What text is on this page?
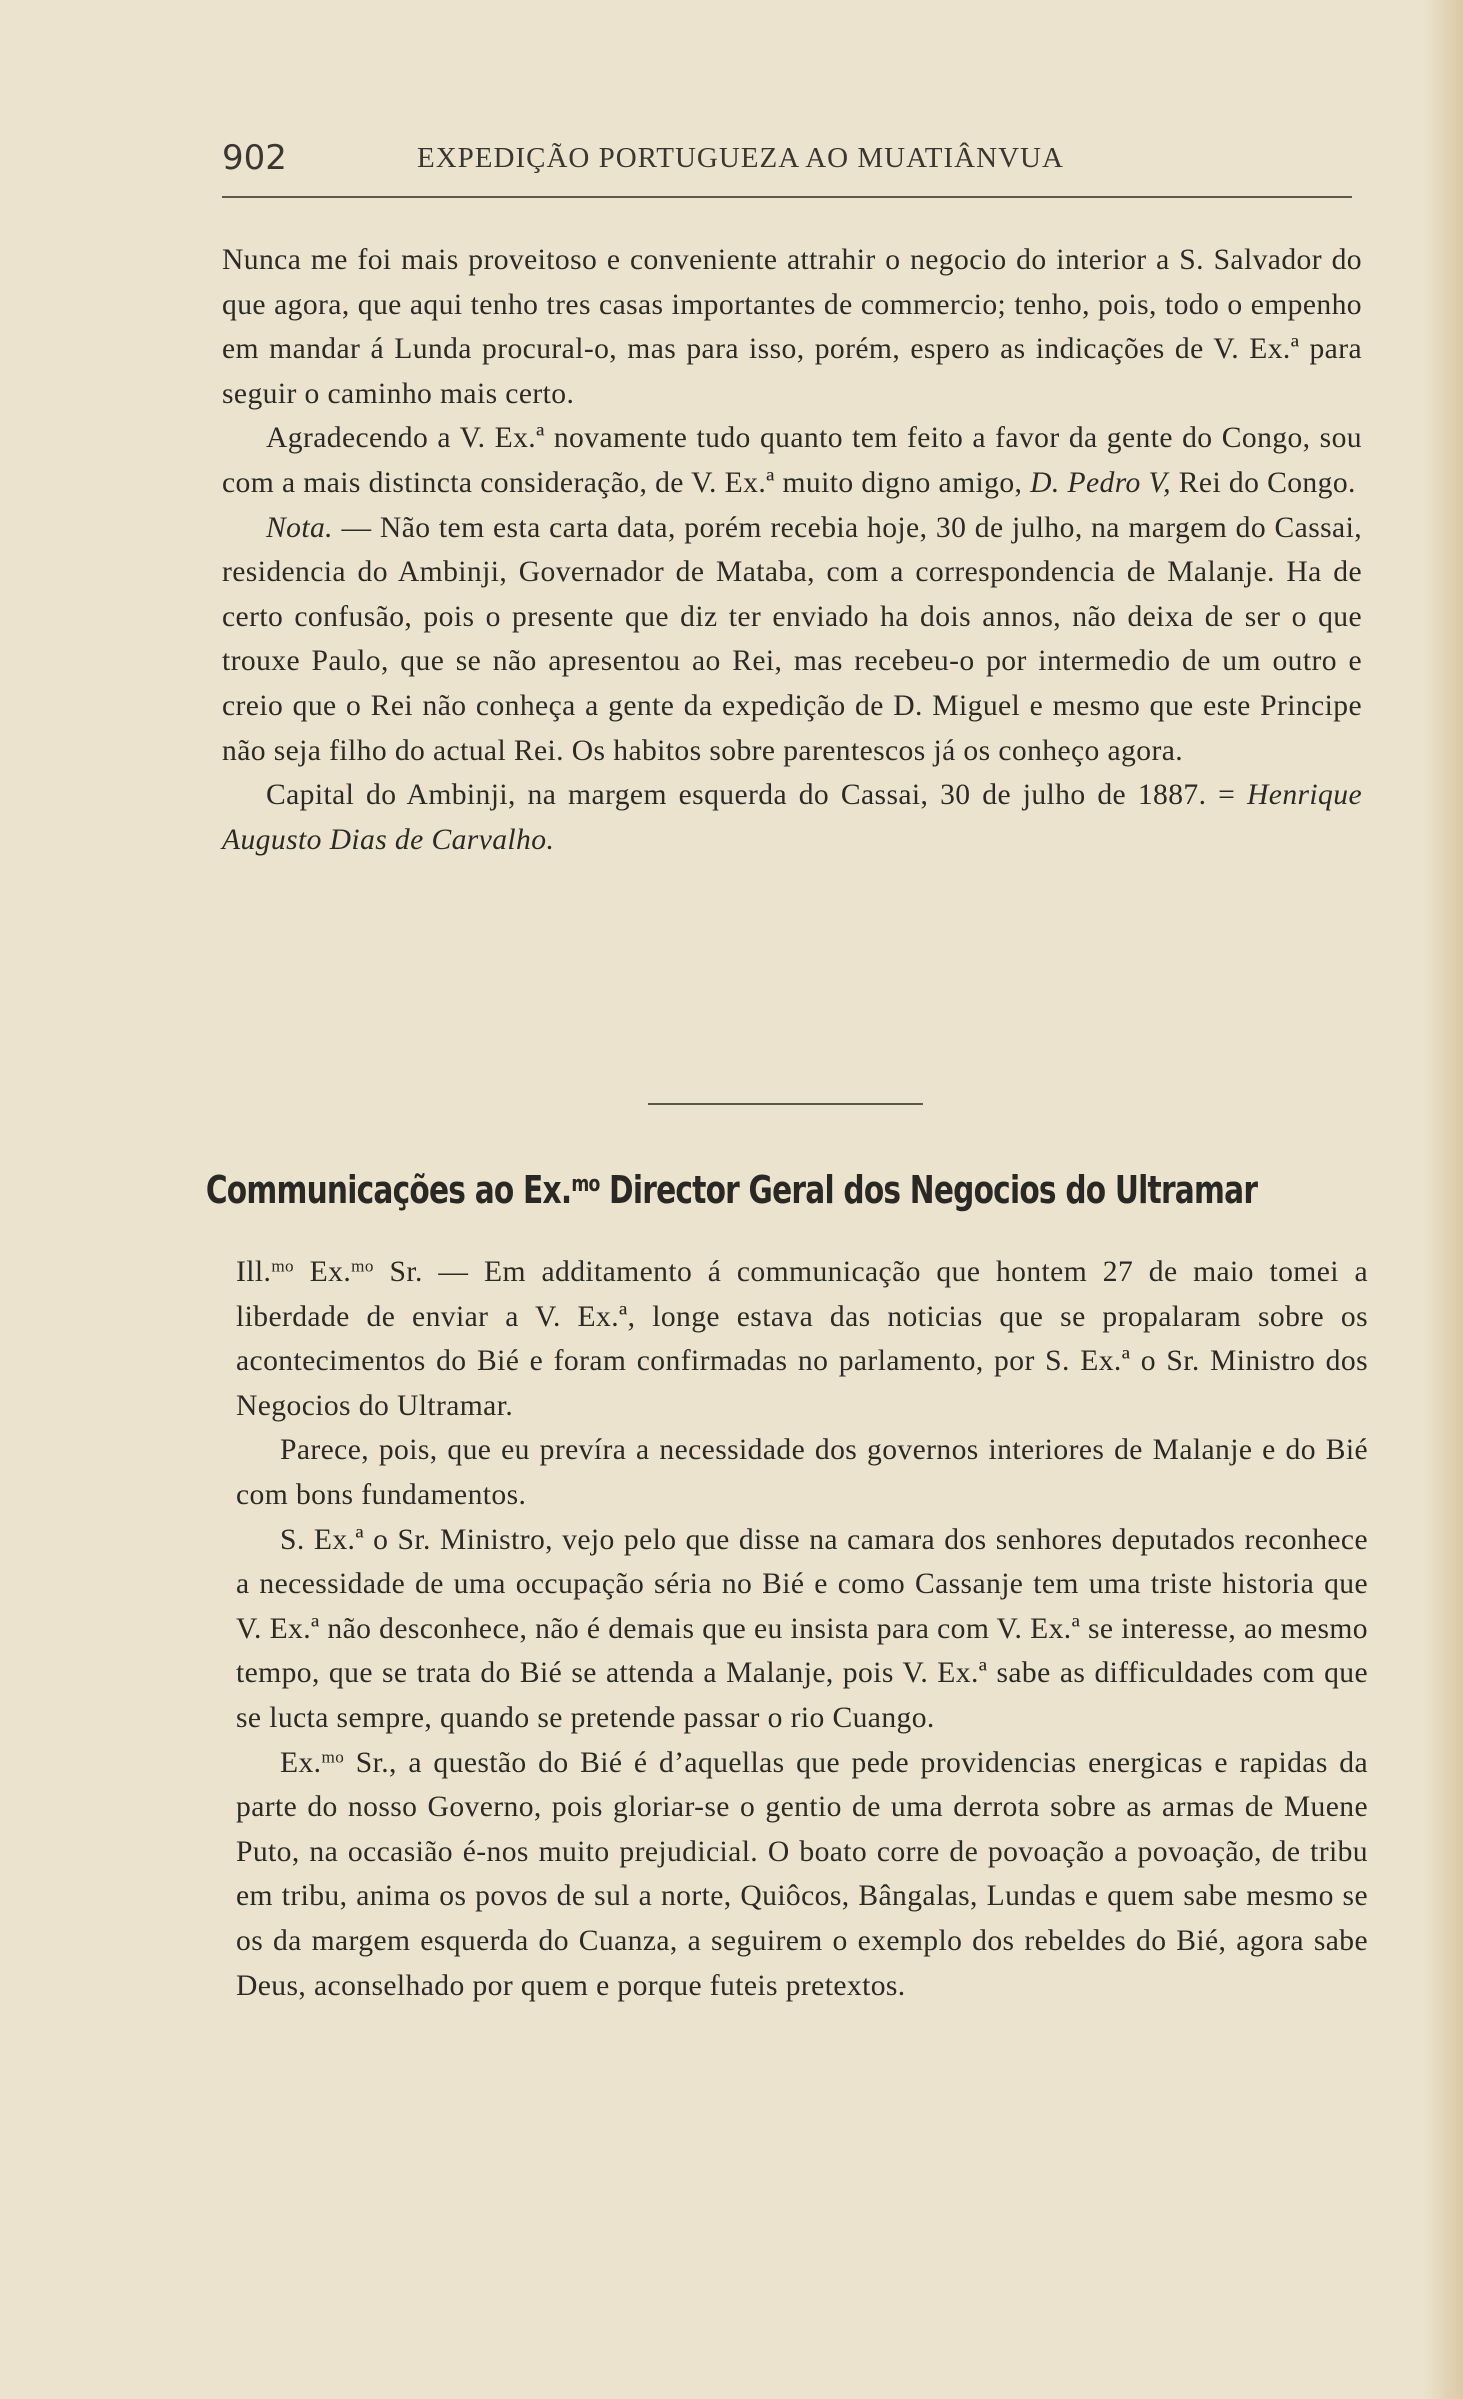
902	EXPEDIÇÃO PORTUGUEZA AO MUATIÂNVUA

Nunca me foi mais proveitoso e conveniente attrahir o negocio do interior a S. Salvador do que agora, que aqui tenho tres casas importantes de commercio; tenho, pois, todo o empenho em mandar á Lunda procural-o, mas para isso, porém, espero as indicações de V. Ex.ª para seguir o caminho mais certo.

Agradecendo a V. Ex.ª novamente tudo quanto tem feito a favor da gente do Congo, sou com a mais distincta consideração, de V. Ex.ª muito digno amigo, D. Pedro V, Rei do Congo.

Nota. — Não tem esta carta data, porém recebia hoje, 30 de julho, na margem do Cassai, residencia do Ambinji, Governador de Mataba, com a correspondencia de Malanje. Ha de certo confusão, pois o presente que diz ter enviado ha dois annos, não deixa de ser o que trouxe Paulo, que se não apresentou ao Rei, mas recebeu-o por intermedio de um outro e creio que o Rei não conheça a gente da expedição de D. Miguel e mesmo que este Principe não seja filho do actual Rei. Os habitos sobre parentescos já os conheço agora.

Capital do Ambinji, na margem esquerda do Cassai, 30 de julho de 1887. = Henrique Augusto Dias de Carvalho.

Communicações ao Ex.$^{mo}$ Director Geral dos Negocios do Ultramar

Ill.$^{mo}$ Ex.$^{mo}$ Sr. — Em additamento á communicação que hontem 27 de maio tomei a liberdade de enviar a V. Ex.ª, longe estava das noticias que se propalaram sobre os acontecimentos do Bié e foram confirmadas no parlamento, por S. Ex.ª o Sr. Ministro dos Negocios do Ultramar.

Parece, pois, que eu prevíra a necessidade dos governos interiores de Malanje e do Bié com bons fundamentos.

S. Ex.ª o Sr. Ministro, vejo pelo que disse na camara dos senhores deputados reconhece a necessidade de uma occupação séria no Bié e como Cassanje tem uma triste historia que V. Ex.ª não desconhece, não é demais que eu insista para com V. Ex.ª se interesse, ao mesmo tempo, que se trata do Bié se attenda a Malanje, pois V. Ex.ª sabe as difficuldades com que se lucta sempre, quando se pretende passar o rio Cuango.

Ex.$^{mo}$ Sr., a questão do Bié é d’aquellas que pede providencias energicas e rapidas da parte do nosso Governo, pois gloriar-se o gentio de uma derrota sobre as armas de Muene Puto, na occasião é-nos muito prejudicial. O boato corre de povoação a povoação, de tribu em tribu, anima os povos de sul a norte, Quiôcos, Bângalas, Lundas e quem sabe mesmo se os da margem esquerda do Cuanza, a seguirem o exemplo dos rebeldes do Bié, agora sabe Deus, aconselhado por quem e porque futeis pretextos.
